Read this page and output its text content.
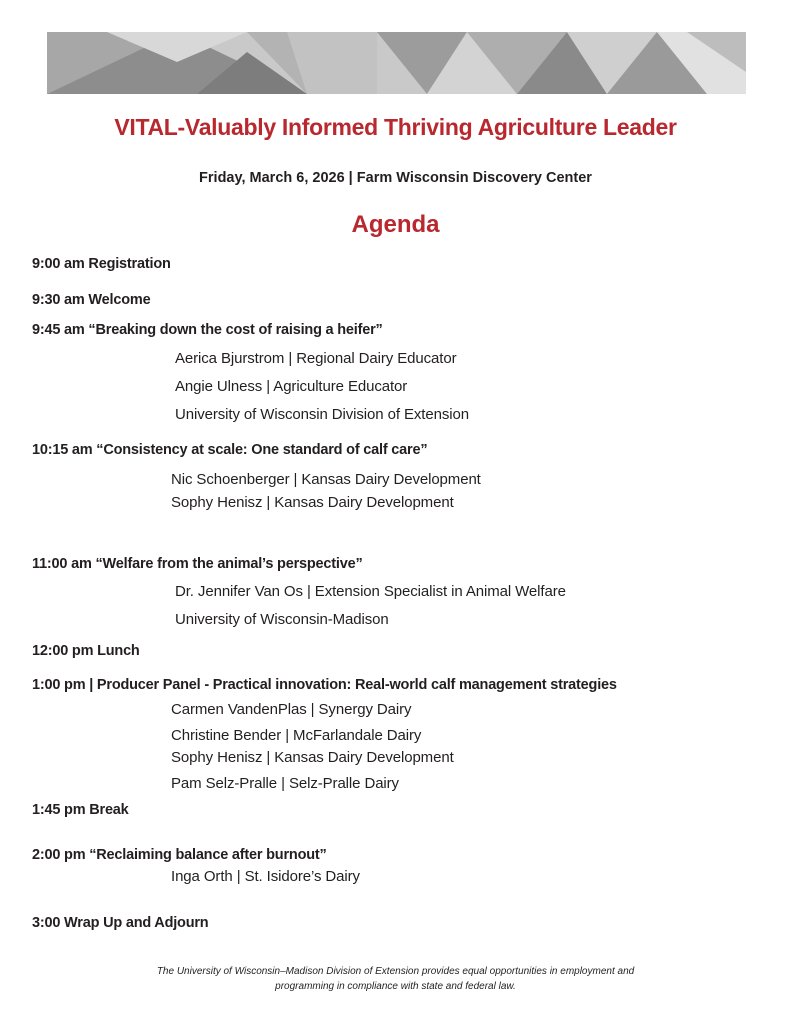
VITAL-Valuably Informed Thriving Agriculture Leader
Friday, March 6, 2026 | Farm Wisconsin Discovery Center
Agenda
9:00 am Registration
9:30 am Welcome
9:45 am “Breaking down the cost of raising a heifer”
Aerica Bjurstrom | Regional Dairy Educator
Angie Ulness | Agriculture Educator
University of Wisconsin Division of Extension
10:15 am “Consistency at scale: One standard of calf care”
Nic Schoenberger | Kansas Dairy Development
Sophy Henisz | Kansas Dairy Development
11:00 am “Welfare from the animal’s perspective”
Dr. Jennifer Van Os | Extension Specialist in Animal Welfare
University of Wisconsin-Madison
12:00 pm Lunch
1:00 pm | Producer Panel - Practical innovation: Real-world calf management strategies
Carmen VandenPlas | Synergy Dairy
Christine Bender | McFarlandale Dairy
Sophy Henisz | Kansas Dairy Development
Pam Selz-Pralle | Selz-Pralle Dairy
1:45 pm Break
2:00 pm “Reclaiming balance after burnout”
Inga Orth | St. Isidore’s Dairy
3:00 Wrap Up and Adjourn
The University of Wisconsin–Madison Division of Extension provides equal opportunities in employment and
programming in compliance with state and federal law.
